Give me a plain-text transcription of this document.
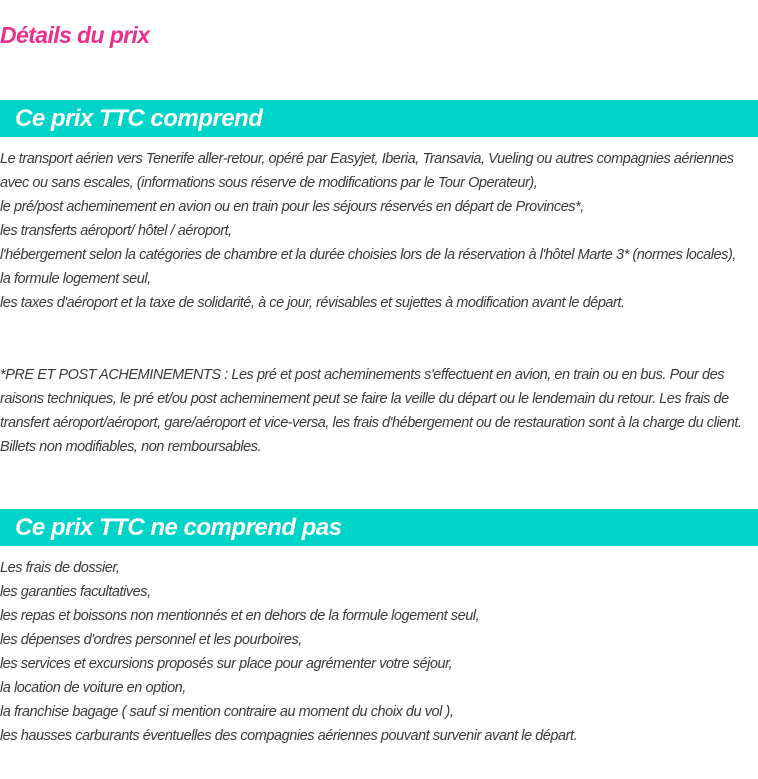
Détails du prix
Ce prix TTC comprend

Le transport aérien vers Tenerife aller-retour, opéré par Easyjet, Iberia, Transavia, Vueling ou autres compagnies aériennes avec ou sans escales, (informations sous réserve de modifications par le Tour Operateur),

le pré/post acheminement en avion ou en train pour les séjours réservés en départ de Provinces*,

les transferts aéroport/ hôtel / aéroport,

l'hébergement selon la catégories de chambre et la durée choisies lors de la réservation à l'hôtel Marte 3* (normes locales),

la formule logement seul,

les taxes d'aéroport et la taxe de solidarité, à ce jour, révisables et sujettes à modification avant le départ.

*PRE ET POST ACHEMINEMENTS : Les pré et post acheminements s'effectuent en avion, en train ou en bus. Pour des raisons techniques, le pré et/ou post acheminement peut se faire la veille du départ ou le lendemain du retour. Les frais de transfert aéroport/aéroport, gare/aéroport et vice-versa, les frais d'hébergement ou de restauration sont à la charge du client. Billets non modifiables, non remboursables.

Ce prix TTC ne comprend pas

Les frais de dossier,

les garanties facultatives,

les repas et boissons non mentionnés et en dehors de la formule logement seul,

les dépenses d'ordres personnel et les pourboires,

les services et excursions proposés sur place pour agrémenter votre séjour,

la location de voiture en option,

la franchise bagage ( sauf si mention contraire au moment du choix du vol ),

les hausses carburants éventuelles des compagnies aériennes pouvant survenir avant le départ.
